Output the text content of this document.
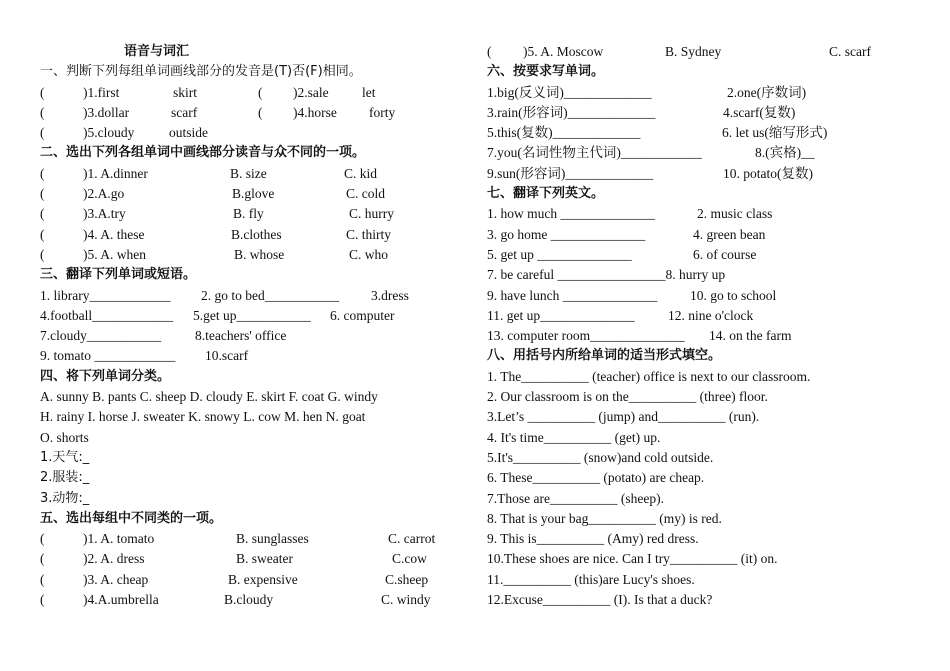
语音与词汇
一、判断下列每组单词画线部分的发音是(T)否(F)相同。
(	)1.first	skirt	( )2.sale let
(	)3.dollar	scarf	( )4.horse forty
(	)5.cloudy	outside
二、选出下列各组单词中画线部分读音与众不同的一项。
(	)1. A.dinner	B. size	C. kid
(	)2.A.go	B.glove	C. cold
(	)3.A.try	B. fly	C. hurry
(	)4. A. these	B.clothes	C. thirty
(	)5. A. when	B. whose	C. who
三、翻译下列单词或短语。
1. library____________ 2. go to bed___________ 3.dress
4.football____________ 5.get up___________ 6. computer
7.cloudy___________	8.teachers' office
9. tomato ____________ 10.scarf
四、将下列单词分类。
A. sunny B. pants C. sheep D. cloudy E. skirt F. coat G. windy
H. rainy I. horse J. sweater K. snowy L. cow M. hen N. goat
O. shorts
1.天气:_
2.服装:_
3.动物:_
五、选出每组中不同类的一项。
(	)1. A. tomato	B. sunglasses	C. carrot
(	)2. A. dress	B. sweater	C.cow
(	)3. A. cheap	B. expensive	C.sheep
(	)4.A.umbrella	B.cloudy	C. windy
( )5. A. Moscow	B. Sydney	C. scarf
六、按要求写单词。
1.big(反义词)_____________	2.one(序数词)
3.rain(形容词)_____________	4.scarf(复数)
5.this(复数)_____________	6. let us(缩写形式)
7.you(名词性物主代词)____________	8.(宾格)__
9.sun(形容词)_____________	10. potato(复数)
七、翻译下列英文。
1. how much ______________	2. music class
3. go home ______________	4. green bean
5. get up ______________	6. of course
7. be careful ________________8. hurry up
9. have lunch ______________ 10. go to school
11. get up______________ 12. nine o'clock
13. computer room______________ 14. on the farm
八、用括号内所给单词的适当形式填空。
1. The__________ (teacher) office is next to our classroom.
2. Our classroom is on the__________ (three) floor.
3.Let’s __________ (jump) and__________ (run).
4. It's time__________ (get) up.
5.It's__________ (snow)and cold outside.
6. These__________ (potato) are cheap.
7.Those are__________ (sheep).
8. That is your bag__________ (my) is red.
9. This is__________ (Amy) red dress.
10.These shoes are nice. Can I try__________ (it) on.
11.__________ (this)are Lucy's shoes.
12.Excuse__________ (I). Is that a duck?
